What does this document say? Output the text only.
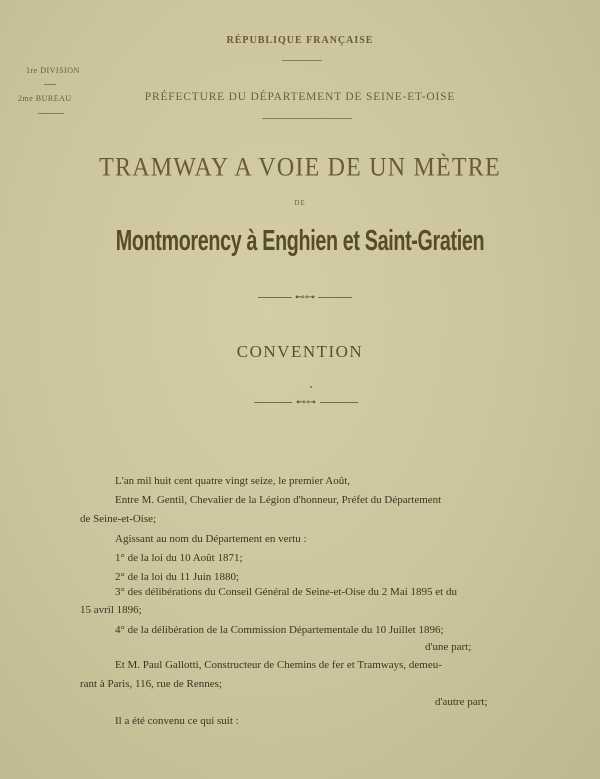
RÉPUBLIQUE FRANÇAISE
1re DIVISION
2me BUREAU	PRÉFECTURE DU DÉPARTEMENT DE SEINE-ET-OISE
TRAMWAY A VOIE DE UN MÈTRE
DE
Montmorency à Enghien et Saint-Gratien
⊷⊶
CONVENTION
⊷⊶
L'an mil huit cent quatre vingt seize, le premier Août,
Entre M. Gentil, Chevalier de la Légion d'honneur, Préfet du Département
de Seine-et-Oise;
Agissant au nom du Département en vertu :
1° de la loi du 10 Août 1871;
2° de la loi du 11 Juin 1880;
3° des délibérations du Conseil Général de Seine-et-Oise du 2 Mai 1895 et du
15 avril 1896;
4° de la délibération de la Commission Départementale du 10 Juillet 1896;
d'une part;
Et M. Paul Gallotti, Constructeur de Chemins de fer et Tramways, demeu-
rant à Paris, 116, rue de Rennes;
d'autre part;
Il a été convenu ce qui suit :
